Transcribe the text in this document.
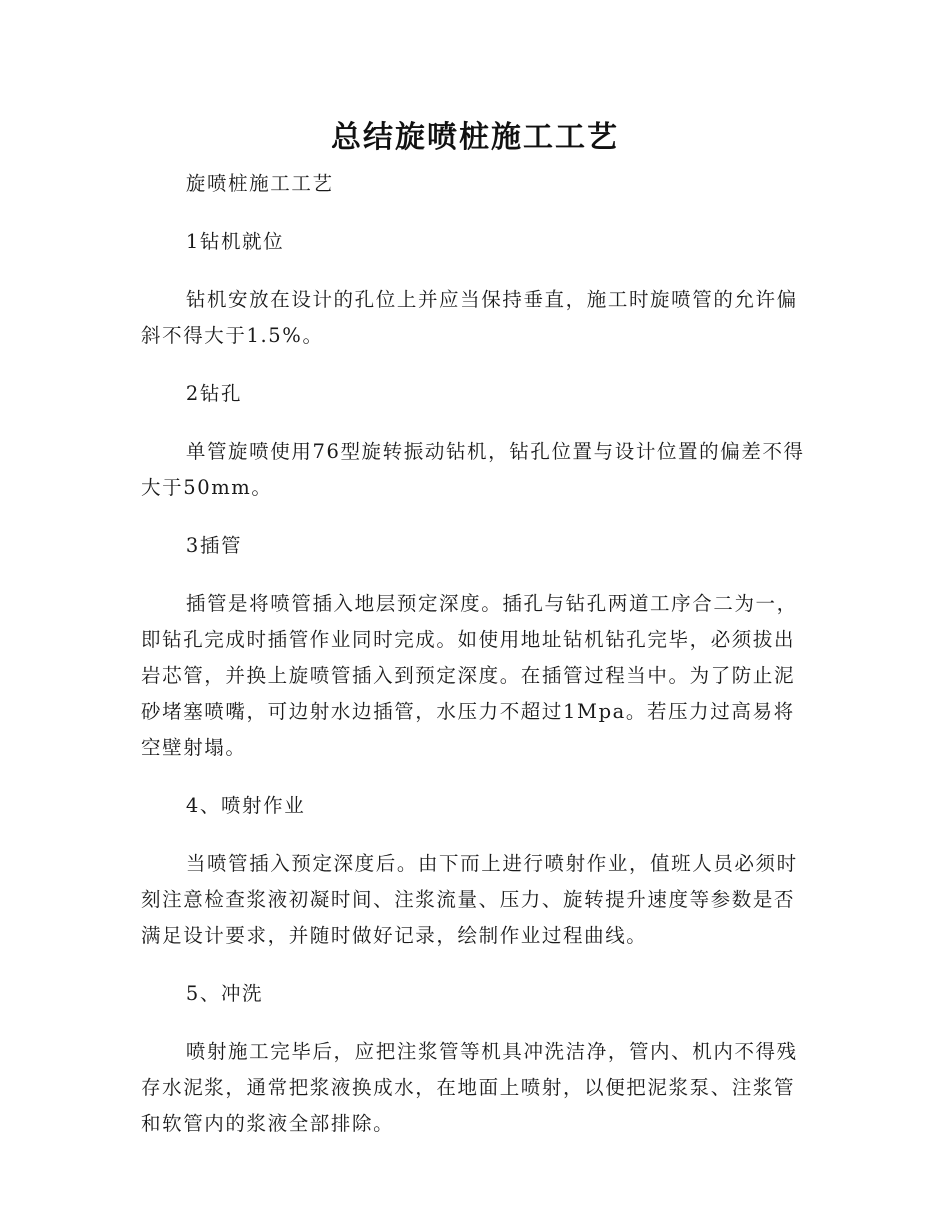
总结旋喷桩施工工艺

旋喷桩施工工艺

1钻机就位

钻机安放在设计的孔位上并应当保持垂直，施工时旋喷管的允许偏斜不得大于1.5%。

2钻孔

单管旋喷使用76型旋转振动钻机，钻孔位置与设计位置的偏差不得大于50mm。

3插管

插管是将喷管插入地层预定深度。插孔与钻孔两道工序合二为一，即钻孔完成时插管作业同时完成。如使用地址钻机钻孔完毕，必须拔出岩芯管，并换上旋喷管插入到预定深度。在插管过程当中。为了防止泥砂堵塞喷嘴，可边射水边插管，水压力不超过1Mpa。若压力过高易将空壁射塌。

4、喷射作业

当喷管插入预定深度后。由下而上进行喷射作业，值班人员必须时刻注意检查浆液初凝时间、注浆流量、压力、旋转提升速度等参数是否满足设计要求，并随时做好记录，绘制作业过程曲线。

5、冲洗

喷射施工完毕后，应把注浆管等机具冲洗洁净，管内、机内不得残存水泥浆，通常把浆液换成水，在地面上喷射，以便把泥浆泵、注浆管和软管内的浆液全部排除。
